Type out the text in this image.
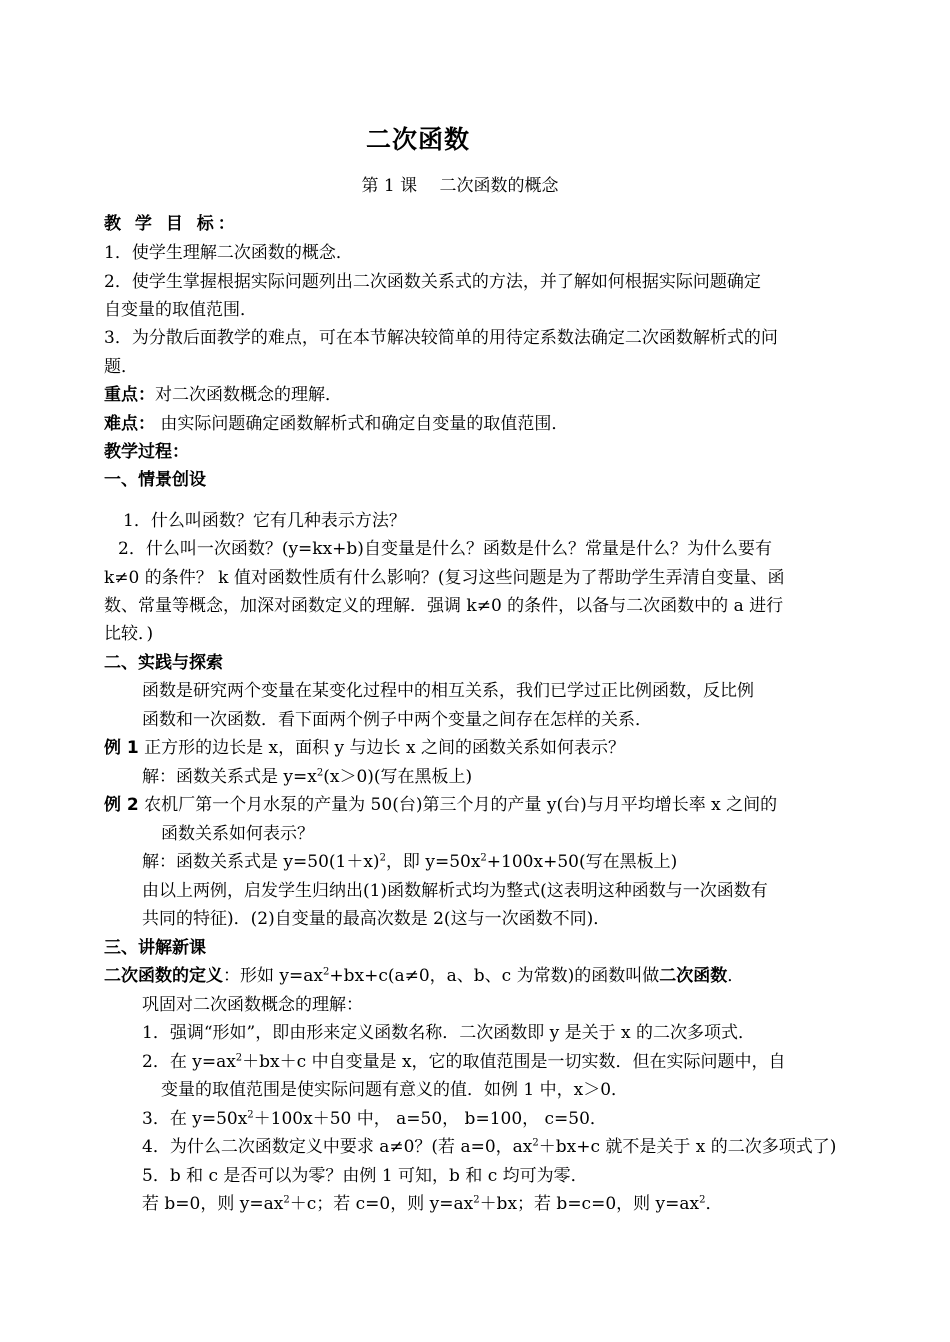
二次函数
第 1 课　 二次函数的概念
教 学 目 标：
1．使学生理解二次函数的概念．
2．使学生掌握根据实际问题列出二次函数关系式的方法，并了解如何根据实际问题确定
自变量的取值范围．
3．为分散后面教学的难点，可在本节解决较简单的用待定系数法确定二次函数解析式的问
题．
重点：对二次函数概念的理解．
难点： 由实际问题确定函数解析式和确定自变量的取值范围．
教学过程：
一、情景创设
1．什么叫函数？它有几种表示方法？
2．什么叫一次函数？(y=kx+b)自变量是什么？函数是什么？常量是什么？为什么要有
k≠0 的条件？ k 值对函数性质有什么影响？(复习这些问题是为了帮助学生弄清自变量、函
数、常量等概念，加深对函数定义的理解．强调 k≠0 的条件，以备与二次函数中的 a 进行
比较．)
二、实践与探索
函数是研究两个变量在某变化过程中的相互关系，我们已学过正比例函数，反比例
函数和一次函数．看下面两个例子中两个变量之间存在怎样的关系．
例 1 正方形的边长是 x，面积 y 与边长 x 之间的函数关系如何表示？
解：函数关系式是 $y=x^2(x>0)$(写在黑板上)
例 2 农机厂第一个月水泵的产量为 50(台)第三个月的产量 y(台)与月平均增长率 x 之间的
函数关系如何表示？
解：函数关系式是 $y=50(1+x)^2$，即 $y=50x^2+100x+50$(写在黑板上)
由以上两例，启发学生归纳出(1)函数解析式均为整式(这表明这种函数与一次函数有
共同的特征)．(2)自变量的最高次数是 2(这与一次函数不同)．
三、讲解新课
二次函数的定义：形如 $y=ax^2+bx+c(a\ne 0$，a、b、c 为常数)的函数叫做二次函数．
巩固对二次函数概念的理解：
1．强调“形如”，即由形来定义函数名称．二次函数即 y 是关于 x 的二次多项式．
2．在 $y=ax^2+bx+c$ 中自变量是 x，它的取值范围是一切实数．但在实际问题中，自
变量的取值范围是使实际问题有意义的值．如例 1 中，x＞0．
3．在 $y=50x^2+100x+50$ 中， a=50， b=100， c=50．
4．为什么二次函数定义中要求 a≠0？(若 a=0，$ax^2+bx+c$ 就不是关于 x 的二次多项式了)
5．b 和 c 是否可以为零？由例 1 可知，b 和 c 均可为零．
若 b=0，则 $y=ax^2+c$；若 c=0，则 $y=ax^2+bx$；若 b=c=0，则 $y=ax^2$．
